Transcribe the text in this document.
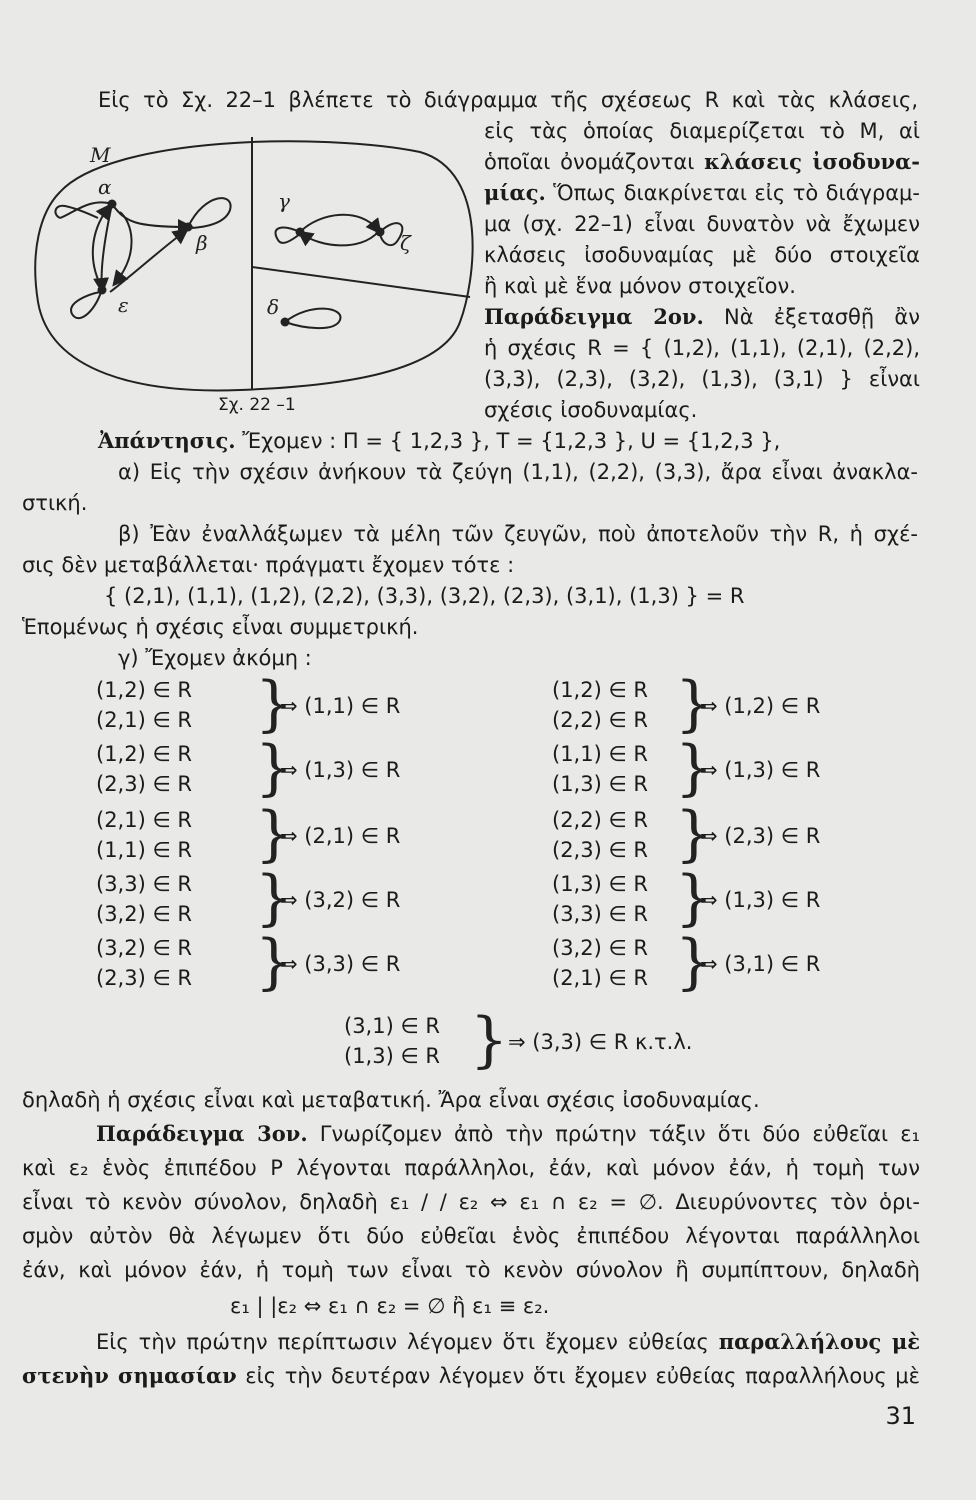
Εἰς τὸ Σχ. 22–1 βλέπετε τὸ διάγραμμα τῆς σχέσεως R καὶ τὰς κλάσεις,
εἰς τὰς ὁποίας διαμερίζεται τὸ M, αἱ
ὁποῖαι ὀνομάζονται κλάσεις ἰσοδυνα-
μίας. Ὅπως διακρίνεται εἰς τὸ διάγραμ-
μα (σχ. 22–1) εἶναι δυνατὸν νὰ ἔχωμεν
κλάσεις ἰσοδυναμίας μὲ δύο στοιχεῖα
ἢ καὶ μὲ ἕνα μόνον στοιχεῖον.
Παράδειγμα 2ον. Νὰ ἐξετασθῇ ἂν
ἡ σχέσις R = { (1,2), (1,1), (2,1), (2,2),
(3,3), (2,3), (3,2), (1,3), (3,1) } εἶναι
σχέσις ἰσοδυναμίας.
M
α
β
γ
ζ
δ
ε
Σχ. 22 –1
Ἀπάντησις. Ἔχομεν : Π = { 1,2,3 }, T = {1,2,3 }, U = {1,2,3 },
α) Εἰς τὴν σχέσιν ἀνήκουν τὰ ζεύγη (1,1), (2,2), (3,3), ἄρα εἶναι ἀνακλα-
στική.
β) Ἐὰν ἐναλλάξωμεν τὰ μέλη τῶν ζευγῶν, ποὺ ἀποτελοῦν τὴν R, ἡ σχέ-
σις δὲν μεταβάλλεται· πράγματι ἔχομεν τότε :
{ (2,1), (1,1), (1,2), (2,2), (3,3), (3,2), (2,3), (3,1), (1,3) } = R
Ἑπομένως ἡ σχέσις εἶναι συμμετρική.
γ) Ἔχομεν ἀκόμη :
(1,2) ∈ R
(2,1) ∈ R }
⇒ (1,1) ∈ R
(1,2) ∈ R
(2,2) ∈ R }
⇒ (1,2) ∈ R
(1,2) ∈ R
(2,3) ∈ R }
⇒ (1,3) ∈ R
(1,1) ∈ R
(1,3) ∈ R }
⇒ (1,3) ∈ R
(2,1) ∈ R
(1,1) ∈ R }
⇒ (2,1) ∈ R
(2,2) ∈ R
(2,3) ∈ R }
⇒ (2,3) ∈ R
(3,3) ∈ R
(3,2) ∈ R }
⇒ (3,2) ∈ R
(1,3) ∈ R
(3,3) ∈ R }
⇒ (1,3) ∈ R
(3,2) ∈ R
(2,3) ∈ R }
⇒ (3,3) ∈ R
(3,2) ∈ R
(2,1) ∈ R }
⇒ (3,1) ∈ R
(3,1) ∈ R
(1,3) ∈ R } ⇒ (3,3) ∈ R κ.τ.λ.
δηλαδὴ ἡ σχέσις εἶναι καὶ μεταβατική. Ἄρα εἶναι σχέσις ἰσοδυναμίας.
Παράδειγμα 3ον. Γνωρίζομεν ἀπὸ τὴν πρώτην τάξιν ὅτι δύο εὐθεῖαι ε₁
καὶ ε₂ ἑνὸς ἐπιπέδου P λέγονται παράλληλοι, ἐάν, καὶ μόνον ἐάν, ἡ τομὴ των
εἶναι τὸ κενὸν σύνολον, δηλαδὴ ε₁ / / ε₂ ⇔ ε₁ ∩ ε₂ = ∅. Διευρύνοντες τὸν ὁρι-
σμὸν αὐτὸν θὰ λέγωμεν ὅτι δύο εὐθεῖαι ἑνὸς ἐπιπέδου λέγονται παράλληλοι
ἐάν, καὶ μόνον ἐάν, ἡ τομὴ των εἶναι τὸ κενὸν σύνολον ἢ συμπίπτουν, δηλαδὴ
ε₁ | |ε₂ ⇔ ε₁ ∩ ε₂ = ∅ ἢ ε₁ ≡ ε₂.
Εἰς τὴν πρώτην περίπτωσιν λέγομεν ὅτι ἔχομεν εὐθείας παραλλήλους μὲ
στενὴν σημασίαν εἰς τὴν δευτέραν λέγομεν ὅτι ἔχομεν εὐθείας παραλλήλους μὲ
31
